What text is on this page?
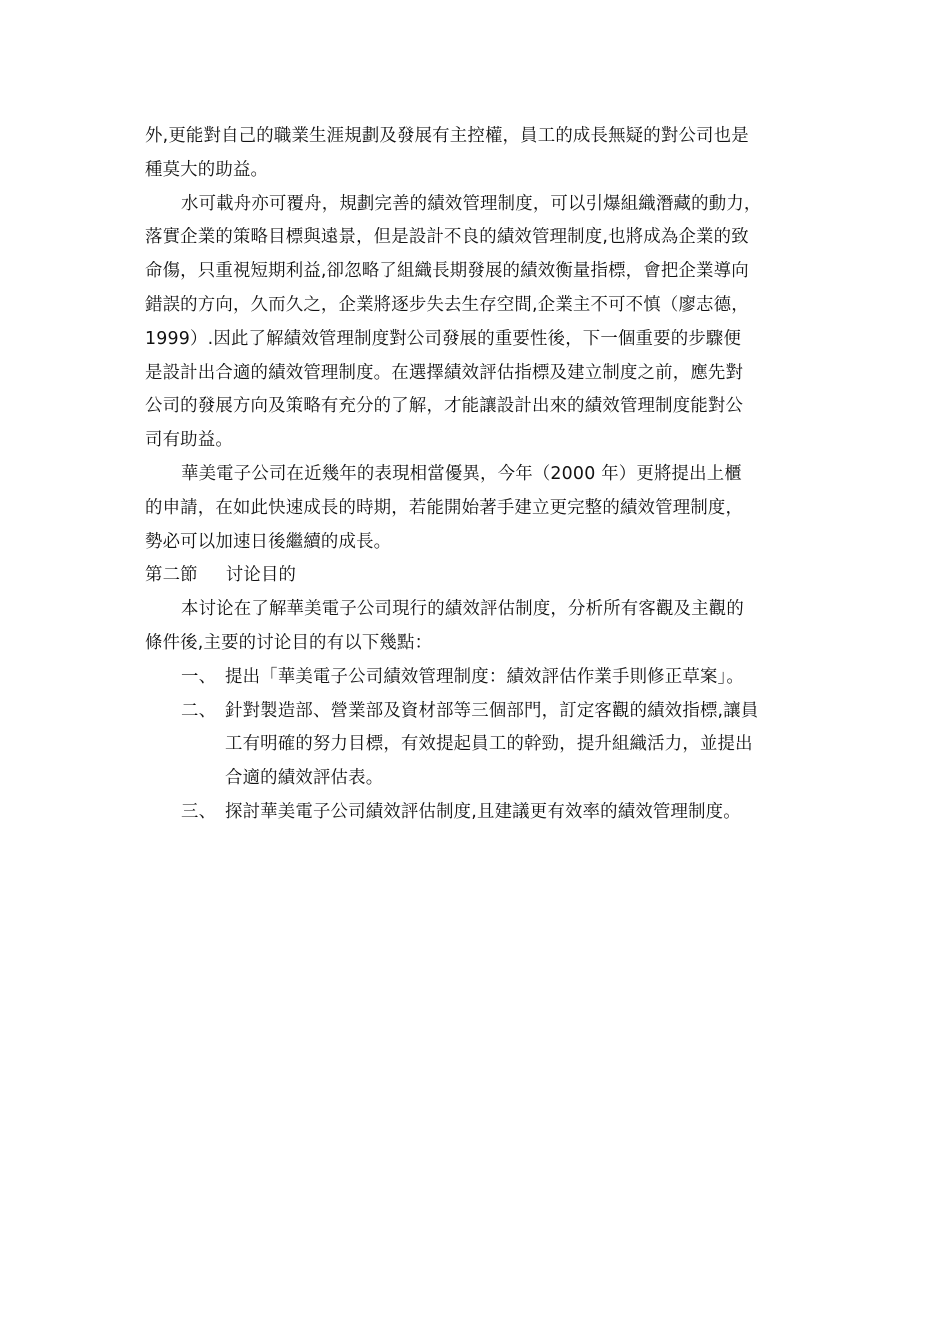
外,更能對自己的職業生涯規劃及發展有主控權，員工的成長無疑的對公司也是
種莫大的助益。

水可載舟亦可覆舟，規劃完善的績效管理制度，可以引爆組織潛藏的動力，
落實企業的策略目標與遠景，但是設計不良的績效管理制度,也將成為企業的致
命傷，只重視短期利益,卻忽略了組織長期發展的績效衡量指標，會把企業導向
錯誤的方向，久而久之，企業將逐步失去生存空間,企業主不可不慎（廖志德，
1999）.因此了解績效管理制度對公司發展的重要性後，下一個重要的步驟便
是設計出合適的績效管理制度。在選擇績效評估指標及建立制度之前，應先對
公司的發展方向及策略有充分的了解，才能讓設計出來的績效管理制度能對公
司有助益。

華美電子公司在近幾年的表現相當優異，今年（2000 年）更將提出上櫃
的申請，在如此快速成長的時期，若能開始著手建立更完整的績效管理制度，
勢必可以加速日後繼續的成長。

第二節 讨论目的

本讨论在了解華美電子公司現行的績效評估制度，分析所有客觀及主觀的
條件後,主要的讨论目的有以下幾點：

一、 提出「華美電子公司績效管理制度：績效評估作業手則修正草案」。
二、 針對製造部、營業部及資材部等三個部門，訂定客觀的績效指標,讓員
工有明確的努力目標，有效提起員工的幹勁，提升組織活力，並提出
合適的績效評估表。
三、 探討華美電子公司績效評估制度,且建議更有效率的績效管理制度。
